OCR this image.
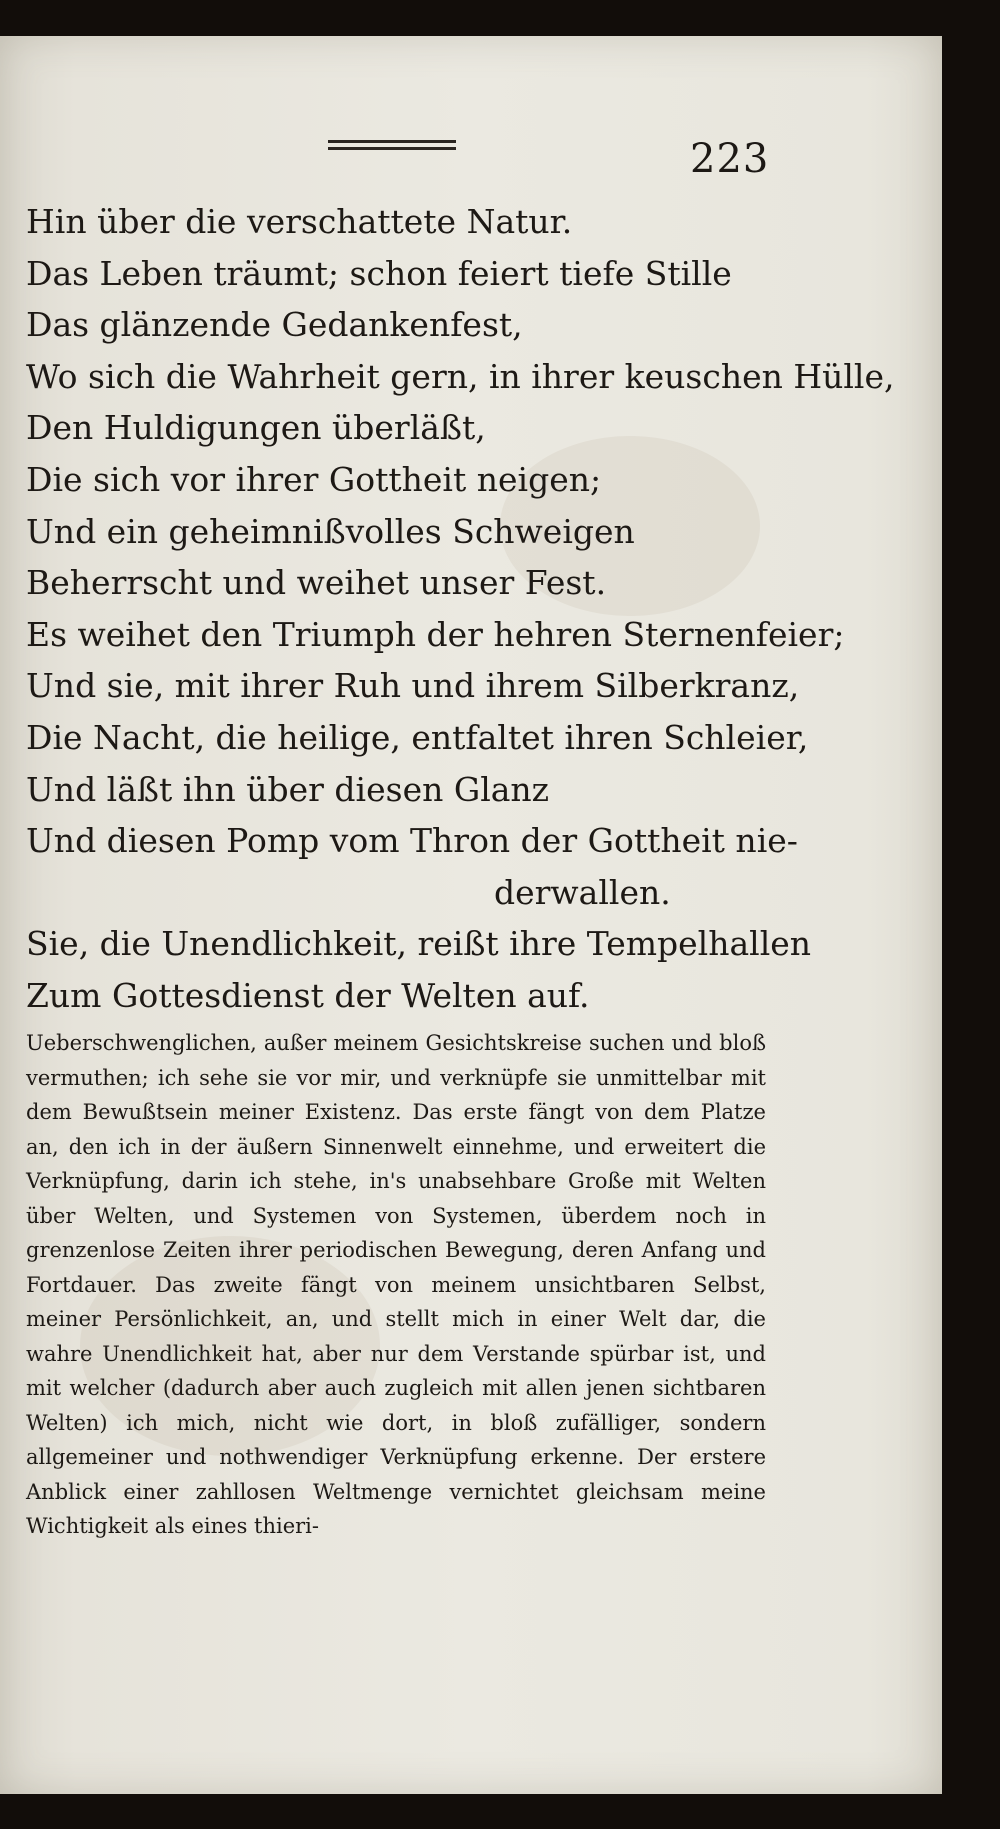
223
Hin über die verschattete Natur.
Das Leben träumt; schon feiert tiefe Stille
Das glänzende Gedankenfest,
Wo sich die Wahrheit gern, in ihrer keuschen Hülle,
Den Huldigungen überläßt,
Die sich vor ihrer Gottheit neigen;
Und ein geheimnißvolles Schweigen
Beherrscht und weihet unser Fest.
Es weihet den Triumph der hehren Sternenfeier;
Und sie, mit ihrer Ruh und ihrem Silberkranz,
Die Nacht, die heilige, entfaltet ihren Schleier,
Und läßt ihn über diesen Glanz
Und diesen Pomp vom Thron der Gottheit nie-
derwallen.
Sie, die Unendlichkeit, reißt ihre Tempelhallen
Zum Gottesdienst der Welten auf.
Ueberschwenglichen, außer meinem Gesichtskreise suchen und bloß vermuthen; ich sehe sie vor mir, und verknüpfe sie unmittelbar mit dem Bewußtsein meiner Existenz. Das erste fängt von dem Platze an, den ich in der äußern Sinnenwelt einnehme, und erweitert die Verknüpfung, darin ich stehe, in's unabsehbare Große mit Welten über Welten, und Systemen von Systemen, überdem noch in grenzenlose Zeiten ihrer periodischen Bewegung, deren Anfang und Fortdauer. Das zweite fängt von meinem unsichtbaren Selbst, meiner Persönlichkeit, an, und stellt mich in einer Welt dar, die wahre Unendlichkeit hat, aber nur dem Verstande spürbar ist, und mit welcher (dadurch aber auch zugleich mit allen jenen sichtbaren Welten) ich mich, nicht wie dort, in bloß zufälliger, sondern allgemeiner und nothwendiger Verknüpfung erkenne. Der erstere Anblick einer zahllosen Weltmenge vernichtet gleichsam meine Wichtigkeit als eines thieri-
